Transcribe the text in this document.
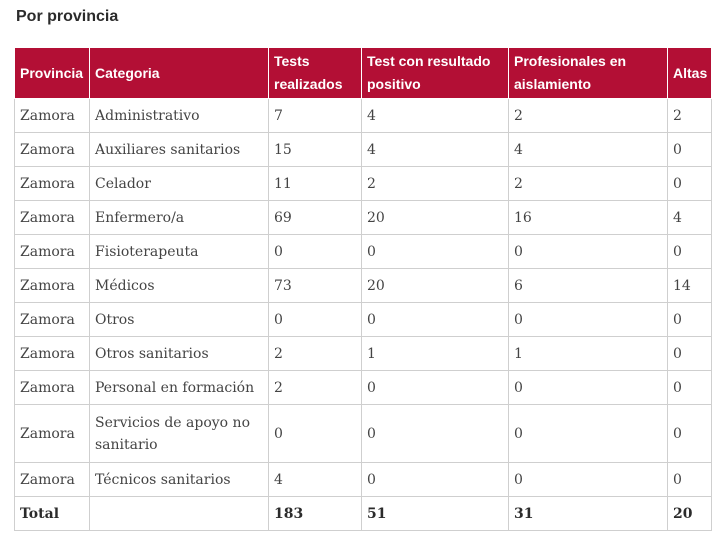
Por provincia
Provincia	Categoria	Tests realizados	Test con resultado positivo	Profesionales en aislamiento	Altas
Zamora	Administrativo	7	4	2	2
Zamora	Auxiliares sanitarios	15	4	4	0
Zamora	Celador	11	2	2	0
Zamora	Enfermero/a	69	20	16	4
Zamora	Fisioterapeuta	0	0	0	0
Zamora	Médicos	73	20	6	14
Zamora	Otros	0	0	0	0
Zamora	Otros sanitarios	2	1	1	0
Zamora	Personal en formación	2	0	0	0
Zamora	Servicios de apoyo no sanitario	0	0	0	0
Zamora	Técnicos sanitarios	4	0	0	0
Total		183	51	31	20
